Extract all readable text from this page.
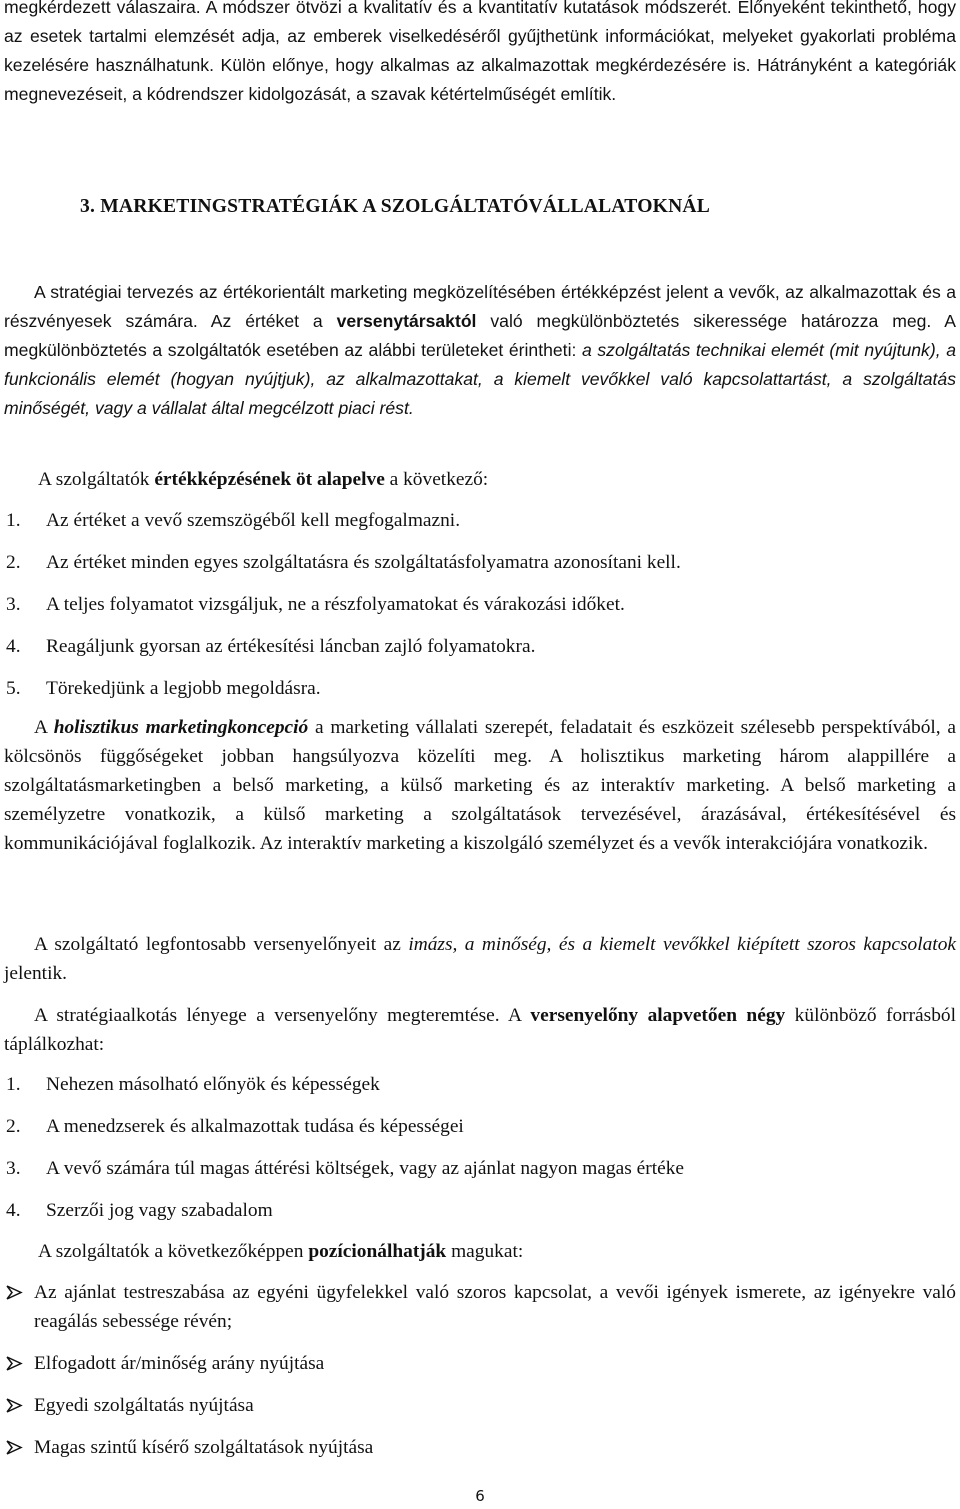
megkérdezett válaszaira. A módszer ötvözi a kvalitatív és a kvantitatív kutatások módszerét. Előnyeként tekinthető, hogy az esetek tartalmi elemzését adja, az emberek viselkedéséről gyűjthetünk információkat, melyeket gyakorlati probléma kezelésére használhatunk. Külön előnye, hogy alkalmas az alkalmazottak megkérdezésére is. Hátrányként a kategóriák megnevezéseit, a kódrendszer kidolgozását, a szavak kétértelműségét említik.

3. MARKETINGSTRATÉGIÁK A SZOLGÁLTATÓVÁLLALATOKNÁL

A stratégiai tervezés az értékorientált marketing megközelítésében értékképzést jelent a vevők, az alkalmazottak és a részvényesek számára. Az értéket a versenytársaktól való megkülönböztetés sikeressége határozza meg. A megkülönböztetés a szolgáltatók esetében az alábbi területeket érintheti: a szolgáltatás technikai elemét (mit nyújtunk), a funkcionális elemét (hogyan nyújtjuk), az alkalmazottakat, a kiemelt vevőkkel való kapcsolattartást, a szolgáltatás minőségét, vagy a vállalat által megcélzott piaci rést.

A szolgáltatók értékképzésének öt alapelve a következő:

1. Az értéket a vevő szemszögéből kell megfogalmazni.
2. Az értéket minden egyes szolgáltatásra és szolgáltatásfolyamatra azonosítani kell.
3. A teljes folyamatot vizsgáljuk, ne a részfolyamatokat és várakozási időket.
4. Reagáljunk gyorsan az értékesítési láncban zajló folyamatokra.
5. Törekedjünk a legjobb megoldásra.

A holisztikus marketingkoncepció a marketing vállalati szerepét, feladatait és eszközeit szélesebb perspektívából, a kölcsönös függőségeket jobban hangsúlyozva közelíti meg. A holisztikus marketing három alappillére a szolgáltatásmarketingben a belső marketing, a külső marketing és az interaktív marketing. A belső marketing a személyzetre vonatkozik, a külső marketing a szolgáltatások tervezésével, árazásával, értékesítésével és kommunikációjával foglalkozik. Az interaktív marketing a kiszolgáló személyzet és a vevők interakciójára vonatkozik.

A szolgáltató legfontosabb versenyelőnyeit az imázs, a minőség, és a kiemelt vevőkkel kiépített szoros kapcsolatok jelentik.

A stratégiaalkotás lényege a versenyelőny megteremtése. A versenyelőny alapvetően négy különböző forrásból táplálkozhat:

1. Nehezen másolható előnyök és képességek
2. A menedzserek és alkalmazottak tudása és képességei
3. A vevő számára túl magas áttérési költségek, vagy az ajánlat nagyon magas értéke
4. Szerzői jog vagy szabadalom

A szolgáltatók a következőképpen pozícionálhatják magukat:

Az ajánlat testreszabása az egyéni ügyfelekkel való szoros kapcsolat, a vevői igények ismerete, az igényekre való reagálás sebessége révén;
Elfogadott ár/minőség arány nyújtása
Egyedi szolgáltatás nyújtása
Magas szintű kísérő szolgáltatások nyújtása
6
